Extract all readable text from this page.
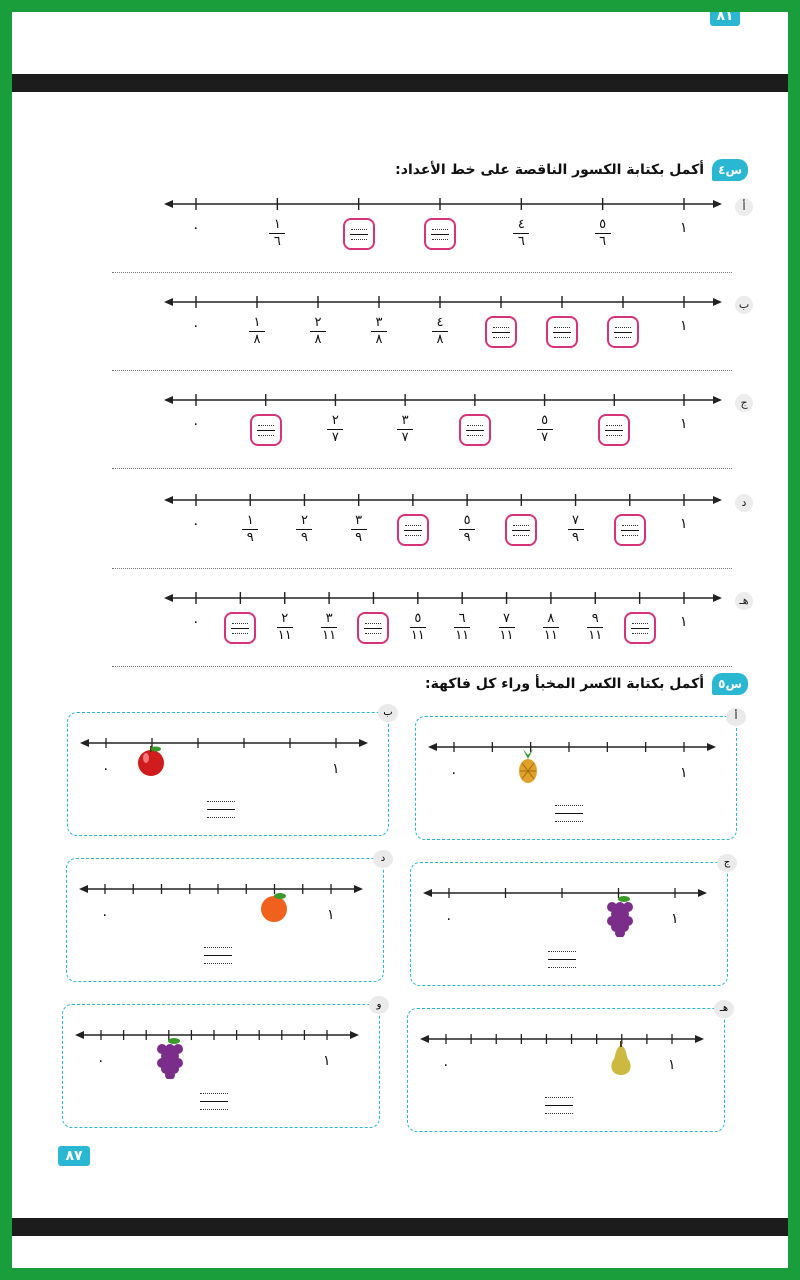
٨١
أكمل بكتابة الكسور الناقصة على خط الأعداد:	س٤
أ
٠	١
١
٦
٤
٦
٥
٦
ب
٠	١
١
٨
٢
٨
٣
٨
٤
٨
ج
٠	١
٢
٧
٣
٧
٥
٧
د
٠	١
١
٩
٢
٩
٣
٩
٥
٩
٧
٩
هـ
٠	١
٢
١١
٣
١١
٥
١١
٦
١١
٧
١١
٨
١١
٩
١١
أكمل بكتابة الكسر المخبأ وراء كل فاكهة:	س٥
أ
٠	١
ب
٠	١
ج
٠	١
د
٠	١
هـ
٠	١
و
٠	١
٨٧
